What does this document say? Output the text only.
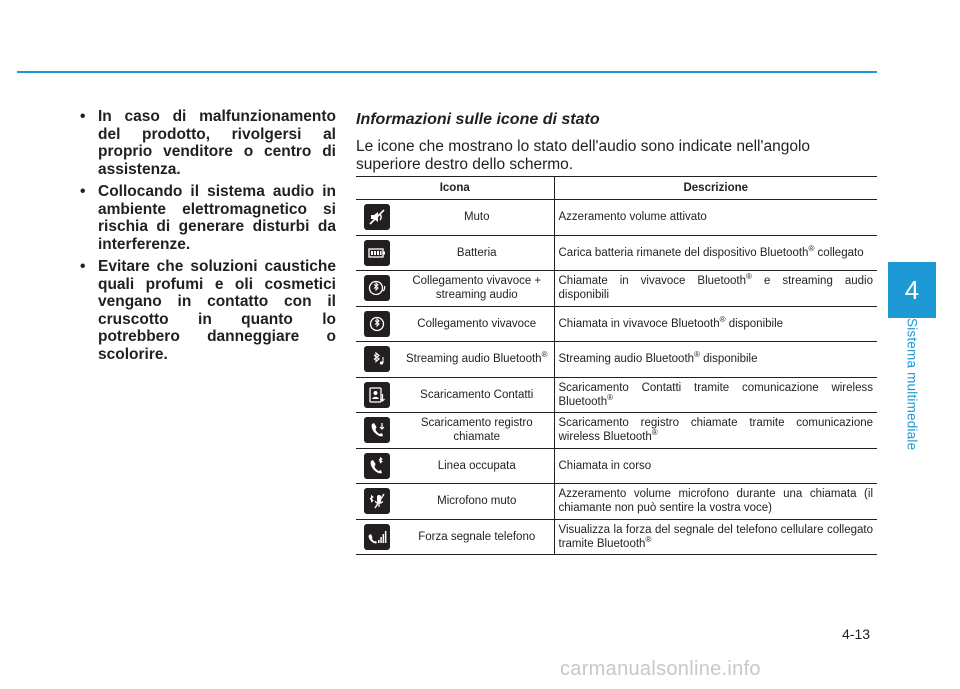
4
Sistema multimediale
• In caso di malfunzionamento del prodotto, rivolgersi al proprio venditore o centro di assistenza.
• Collocando il sistema audio in ambiente elettromagnetico si rischia di generare disturbi da interferenze.
• Evitare che soluzioni caustiche quali profumi e oli cosmetici vengano in contatto con il cruscotto in quanto lo potrebbero danneggiare o scolorire.
Informazioni sulle icone di stato
Le icone che mostrano lo stato dell'audio sono indicate nell'angolo superiore destro dello schermo.
Icona		Descrizione

	Muto	Azzeramento volume attivato

	Batteria	Carica batteria rimanete del dispositivo Bluetooth® collegato

	Collegamento vivavoce + streaming audio	Chiamate in vivavoce Bluetooth® e streaming audio disponibili

	Collegamento vivavoce	Chiamata in vivavoce Bluetooth® disponibile

	Streaming audio Bluetooth®	Streaming audio Bluetooth® disponibile

	Scaricamento Contatti	Scaricamento Contatti tramite comunicazione wireless Bluetooth®

	Scaricamento registro chiamate	Scaricamento registro chiamate tramite comunicazione wireless Bluetooth®

	Linea occupata	Chiamata in corso

	Microfono muto	Azzeramento volume microfono durante una chiamata (il chiamante non può sentire la vostra voce)

	Forza segnale telefono	Visualizza la forza del segnale del telefono cellulare collegato tramite Bluetooth®
4-13
carmanualsonline.info
